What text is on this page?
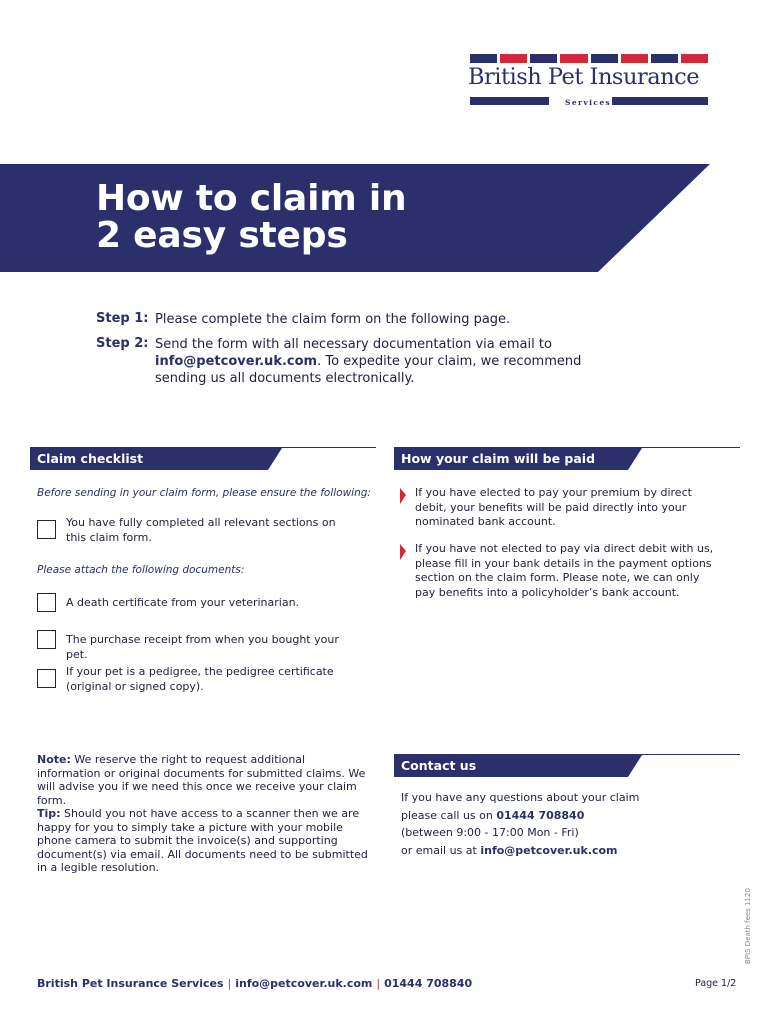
British Pet Insurance
Services
How to claim in
2 easy steps
Step 1: Please complete the claim form on the following page.
Step 2: Send the form with all necessary documentation via email to info@petcover.uk.com. To expedite your claim, we recommend sending us all documents electronically.
Claim checklist	How your claim will be paid
Before sending in your claim form, please ensure the following:
You have fully completed all relevant sections on this claim form.
Please attach the following documents:
A death certificate from your veterinarian.
The purchase receipt from when you bought your pet.
If your pet is a pedigree, the pedigree certificate (original or signed copy).
If you have elected to pay your premium by direct debit, your benefits will be paid directly into your nominated bank account.
If you have not elected to pay via direct debit with us, please fill in your bank details in the payment options section on the claim form. Please note, we can only pay benefits into a policyholder’s bank account.
Note: We reserve the right to request additional information or original documents for submitted claims. We will advise you if we need this once we receive your claim form.
Tip: Should you not have access to a scanner then we are happy for you to simply take a picture with your mobile phone camera to submit the invoice(s) and supporting document(s) via email. All documents need to be submitted in a legible resolution.
Contact us
If you have any questions about your claim
please call us on 01444 708840
(between 9:00 - 17:00 Mon - Fri)
or email us at info@petcover.uk.com
BPIS Death fees 1120
British Pet Insurance Services | info@petcover.uk.com | 01444 708840	Page 1/2
